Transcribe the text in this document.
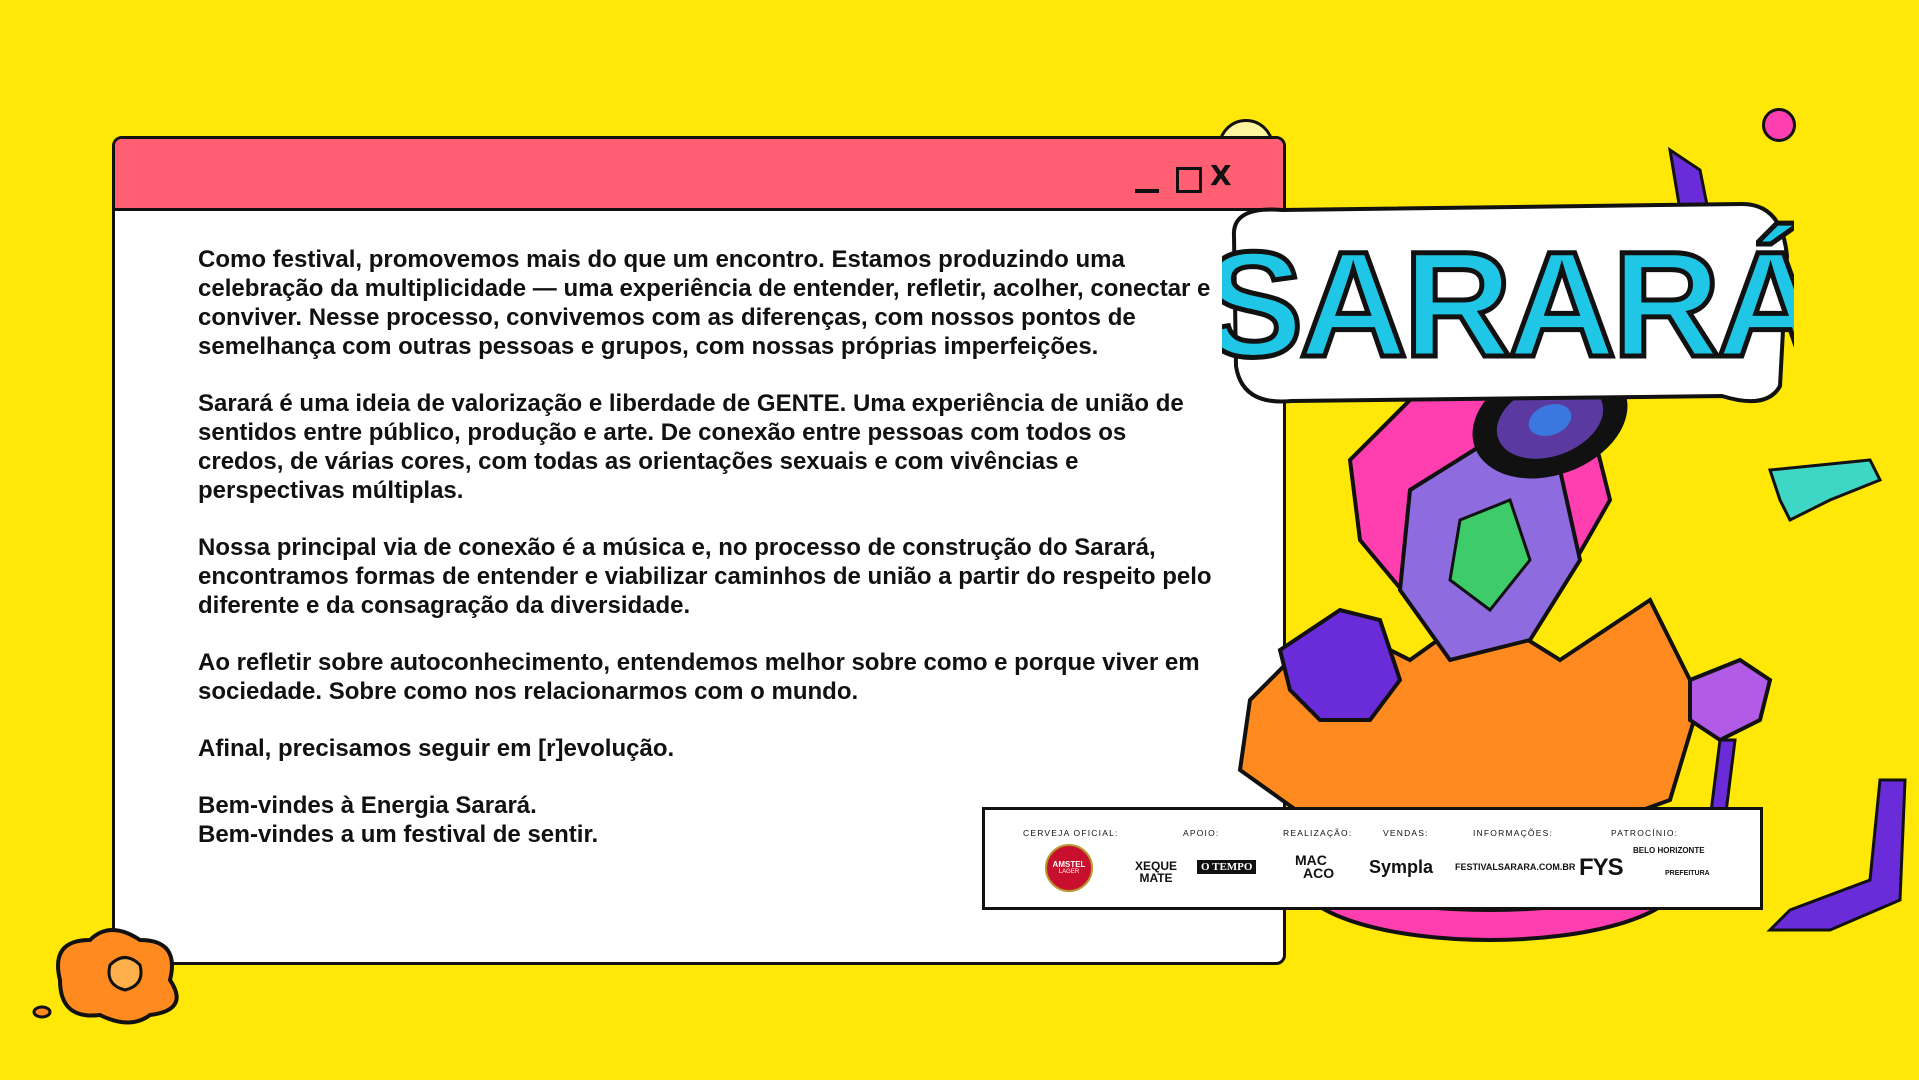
X

Como festival, promovemos mais do que um encontro. Estamos produzindo uma celebração da multiplicidade — uma experiência de entender, refletir, acolher, conectar e conviver. Nesse processo, convivemos com as diferenças, com nossos pontos de semelhança com outras pessoas e grupos, com nossas próprias imperfeições.

Sarará é uma ideia de valorização e liberdade de GENTE. Uma experiência de união de sentidos entre público, produção e arte. De conexão entre pessoas com todos os credos, de várias cores, com todas as orientações sexuais e com vivências e perspectivas múltiplas.

Nossa principal via de conexão é a música e, no processo de construção do Sarará, encontramos formas de entender e viabilizar caminhos de união a partir do respeito pelo diferente e da consagração da diversidade.

Ao refletir sobre autoconhecimento, entendemos melhor sobre como e porque viver em sociedade. Sobre como nos relacionarmos com o mundo.

Afinal, precisamos seguir em [r]evolução.

Bem-vindes à Energia Sarará.
Bem-vindes a um festival de sentir.

SARARÁ
CERVEJA OFICIAL:	APOIO:	REALIZAÇÃO:	VENDAS:	INFORMAÇÕES:	PATROCÍNIO:
AMSTEL
LAGER	XEQUE
MATE
O TEMPO	MAC
ACO Sympla FESTIVALSARARA.COM.BR FYS
BELO HORIZONTE
PREFEITURA
